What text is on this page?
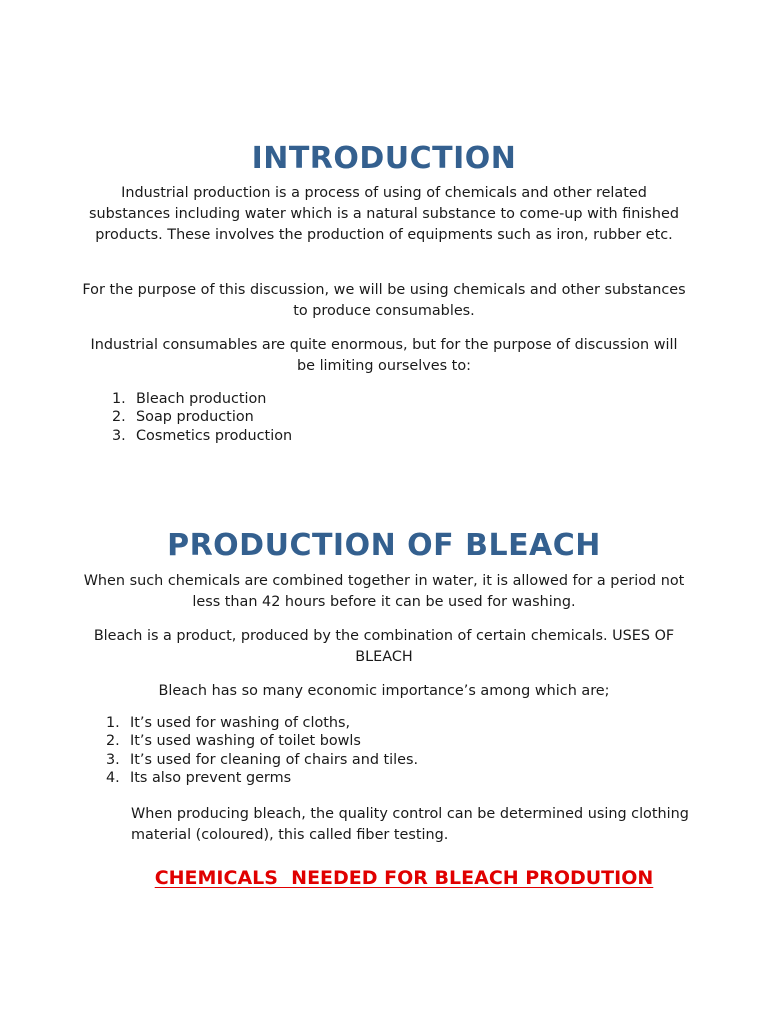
INTRODUCTION

Industrial production is a process of using of chemicals and other related substances including water which is a natural substance to come-up with finished products. These involves the production of equipments such as iron, rubber etc.

For the purpose of this discussion, we will be using chemicals and other substances to produce consumables.

Industrial consumables are quite enormous, but for the purpose of discussion will be limiting ourselves to:

1. Bleach production
2. Soap production
3. Cosmetics production
PRODUCTION OF BLEACH

When such chemicals are combined together in water, it is allowed for a period not less than 42 hours before it can be used for washing.

Bleach is a product, produced by the combination of certain chemicals. USES OF BLEACH

Bleach has so many economic importance’s among which are;

1. It’s used for washing of cloths,
2. It’s used washing of toilet bowls
3. It’s used for cleaning of chairs and tiles.
4. Its also prevent germs

When producing bleach, the quality control can be determined using clothing material (coloured), this called fiber testing.

CHEMICALS  NEEDED FOR BLEACH PRODUTION
